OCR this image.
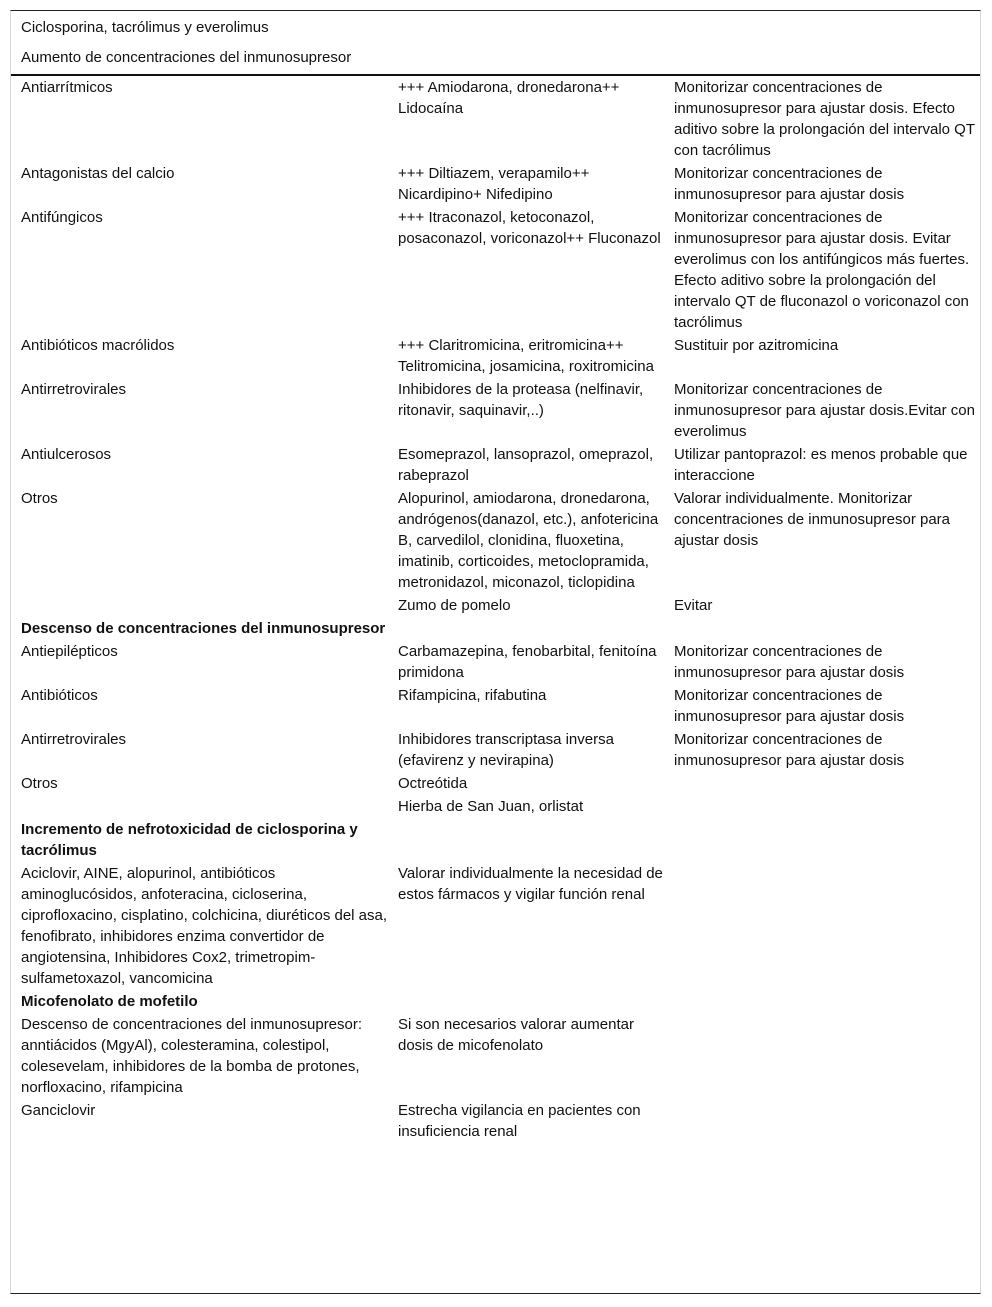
Ciclosporina, tacrólimus y everolimus
Aumento de concentraciones del inmunosupresor
Antiarrítmicos	+++ Amiodarona, dronedarona++ Lidocaína	Monitorizar concentraciones de inmunosupresor para ajustar dosis. Efecto aditivo sobre la prolongación del intervalo QT con tacrólimus
Antagonistas del calcio	+++ Diltiazem, verapamilo++ Nicardipino+ Nifedipino	Monitorizar concentraciones de inmunosupresor para ajustar dosis
Antifúngicos	+++ Itraconazol, ketoconazol, posaconazol, voriconazol++ Fluconazol	Monitorizar concentraciones de inmunosupresor para ajustar dosis. Evitar everolimus con los antifúngicos más fuertes. Efecto aditivo sobre la prolongación del intervalo QT de fluconazol o voriconazol con tacrólimus
Antibióticos macrólidos	+++ Claritromicina, eritromicina++ Telitromicina, josamicina, roxitromicina	Sustituir por azitromicina
Antirretrovirales	Inhibidores de la proteasa (nelfinavir, ritonavir, saquinavir,..)	Monitorizar concentraciones de inmunosupresor para ajustar dosis.Evitar con everolimus
Antiulcerosos	Esomeprazol, lansoprazol, omeprazol, rabeprazol	Utilizar pantoprazol: es menos probable que interaccione
Otros	Alopurinol, amiodarona, dronedarona, andrógenos(danazol, etc.), anfotericina B, carvedilol, clonidina, fluoxetina, imatinib, corticoides, metoclopramida, metronidazol, miconazol, ticlopidina	Valorar individualmente. Monitorizar concentraciones de inmunosupresor para ajustar dosis
	Zumo de pomelo	Evitar
Descenso de concentraciones del inmunosupresor		
Antiepilépticos	Carbamazepina, fenobarbital, fenitoína primidona	Monitorizar concentraciones de inmunosupresor para ajustar dosis
Antibióticos	Rifampicina, rifabutina	Monitorizar concentraciones de inmunosupresor para ajustar dosis
Antirretrovirales	Inhibidores transcriptasa inversa (efavirenz y nevirapina)	Monitorizar concentraciones de inmunosupresor para ajustar dosis
Otros	Octreótida	
	Hierba de San Juan, orlistat	
Incremento de nefrotoxicidad de ciclosporina y tacrólimus		
Aciclovir, AINE, alopurinol, antibióticos aminoglucósidos, anfoteracina, cicloserina, ciprofloxacino, cisplatino, colchicina, diuréticos del asa, fenofibrato, inhibidores enzima convertidor de angiotensina, Inhibidores Cox2, trimetropim-sulfametoxazol, vancomicina	Valorar individualmente la necesidad de estos fármacos y vigilar función renal	
Micofenolato de mofetilo		
Descenso de concentraciones del inmunosupresor: anntiácidos (MgyAl), colesteramina, colestipol, colesevelam, inhibidores de la bomba de protones, norfloxacino, rifampicina	Si son necesarios valorar aumentar dosis de micofenolato	
Ganciclovir	Estrecha vigilancia en pacientes con insuficiencia renal	
